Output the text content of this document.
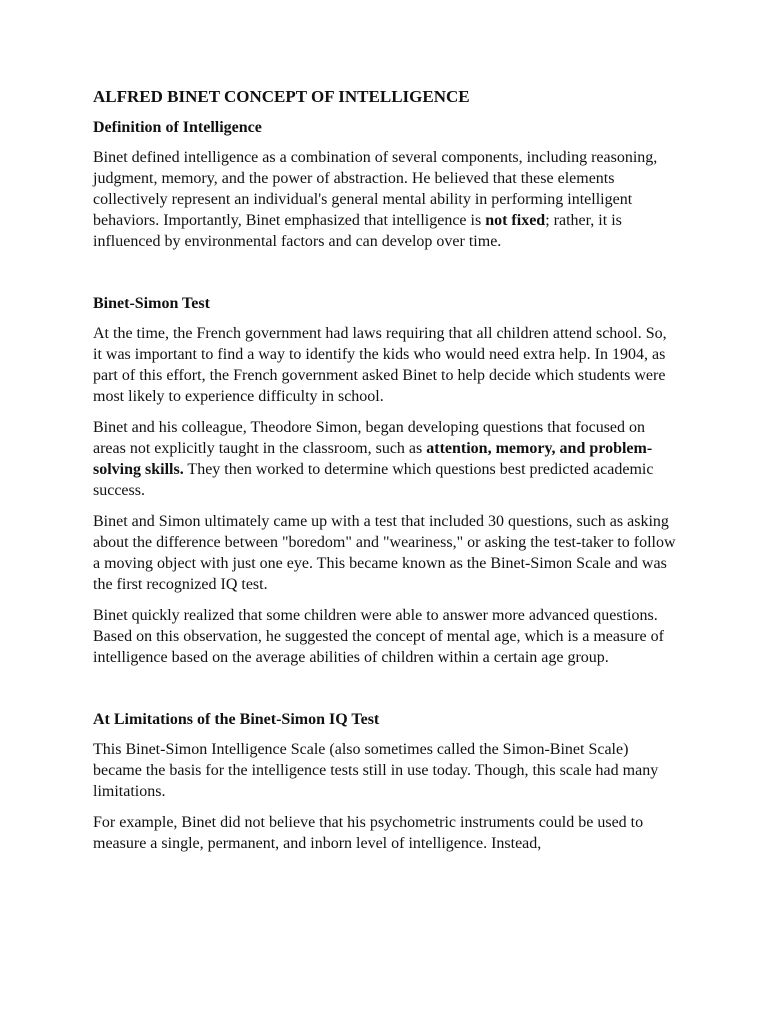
ALFRED BINET CONCEPT OF INTELLIGENCE
Definition of Intelligence

Binet defined intelligence as a combination of several components, including reasoning, judgment, memory, and the power of abstraction. He believed that these elements collectively represent an individual's general mental ability in performing intelligent behaviors. Importantly, Binet emphasized that intelligence is not fixed; rather, it is influenced by environmental factors and can develop over time.

Binet-Simon Test

At the time, the French government had laws requiring that all children attend school. So, it was important to find a way to identify the kids who would need extra help. In 1904, as part of this effort, the French government asked Binet to help decide which students were most likely to experience difficulty in school.

Binet and his colleague, Theodore Simon, began developing questions that focused on areas not explicitly taught in the classroom, such as attention, memory, and problem-solving skills. They then worked to determine which questions best predicted academic success.

Binet and Simon ultimately came up with a test that included 30 questions, such as asking about the difference between "boredom" and "weariness," or asking the test-taker to follow a moving object with just one eye. This became known as the Binet-Simon Scale and was the first recognized IQ test.

Binet quickly realized that some children were able to answer more advanced questions. Based on this observation, he suggested the concept of mental age, which is a measure of intelligence based on the average abilities of children within a certain age group.

At Limitations of the Binet-Simon IQ Test

This Binet-Simon Intelligence Scale (also sometimes called the Simon-Binet Scale) became the basis for the intelligence tests still in use today. Though, this scale had many limitations.

For example, Binet did not believe that his psychometric instruments could be used to measure a single, permanent, and inborn level of intelligence. Instead,
